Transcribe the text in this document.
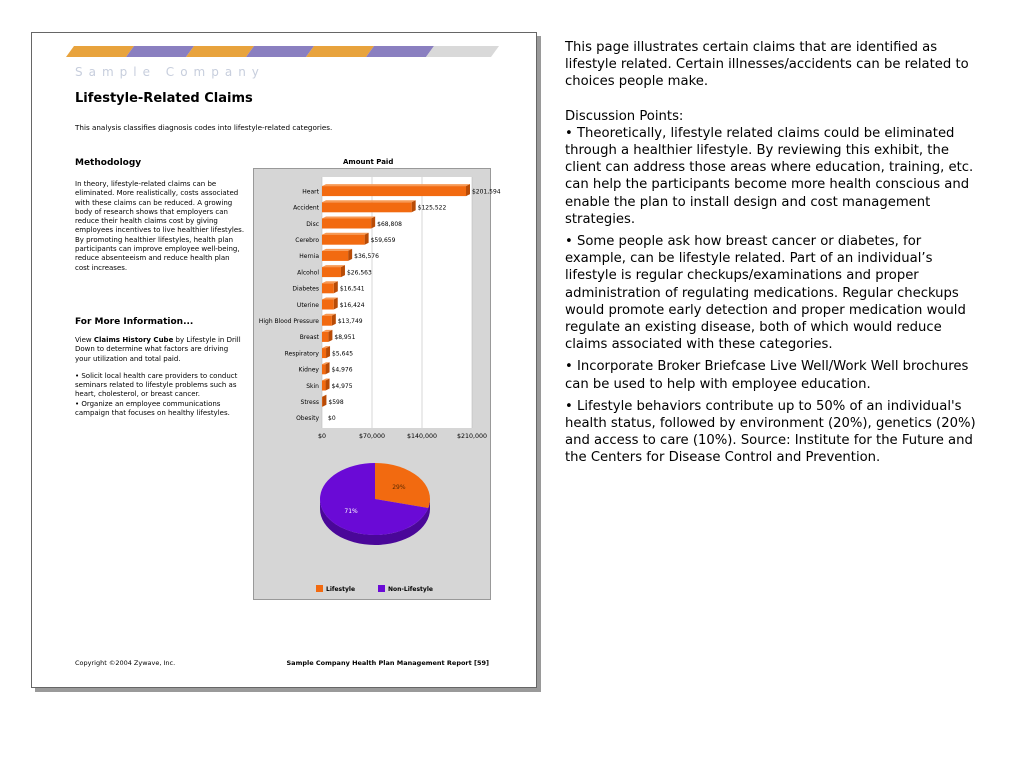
Sample Company
Lifestyle-Related Claims
This analysis classifies diagnosis codes into lifestyle-related categories.
Methodology
In theory, lifestyle-related claims can be eliminated. More realistically, costs associated with these claims can be reduced. A growing body of research shows that employers can reduce their health claims cost by giving employees incentives to live healthier lifestyles. By promoting healthier lifestyles, health plan participants can improve employee well-being, reduce absenteeism and reduce health plan cost increases.
For More Information...

View Claims History Cube by Lifestyle in Drill Down to determine what factors are driving your utilization and total paid.

• Solicit local health care providers to conduct seminars related to lifestyle problems such as heart, cholesterol, or breast cancer.
• Organize an employee communications campaign that focuses on healthy lifestyles.
Amount Paid
$0	$70,000	$140,000	$210,000
Heart	$201,594
Accident	$125,522
Disc	$68,808
Cerebro	$59,659
Hernia	$36,576
Alcohol	$26,563
Diabetes	$16,541
Uterine	$16,424
High Blood Pressure	$13,749
Breast	$8,951
Respiratory $5,645
Kidney $4,976
Skin $4,975
Stress $598
Obesity $0
29%
71%
Lifestyle	Non-Lifestyle
Copyright ©2004 Zywave, Inc.	Sample Company Health Plan Management Report [59]

This page illustrates certain claims that are identified as lifestyle related. Certain illnesses/accidents can be related to choices people make.

Discussion Points:

• Theoretically, lifestyle related claims could be eliminated through a healthier lifestyle. By reviewing this exhibit, the client can address those areas where education, training, etc. can help the participants become more health conscious and enable the plan to install design and cost management strategies.

• Some people ask how breast cancer or diabetes, for example, can be lifestyle related. Part of an individual’s lifestyle is regular checkups/examinations and proper administration of regulating medications. Regular checkups would promote early detection and proper medication would regulate an existing disease, both of which would reduce claims associated with these categories.

• Incorporate Broker Briefcase Live Well/Work Well brochures can be used to help with employee education.

• Lifestyle behaviors contribute up to 50% of an individual's health status, followed by environment (20%), genetics (20%) and access to care (10%). Source: Institute for the Future and the Centers for Disease Control and Prevention.
